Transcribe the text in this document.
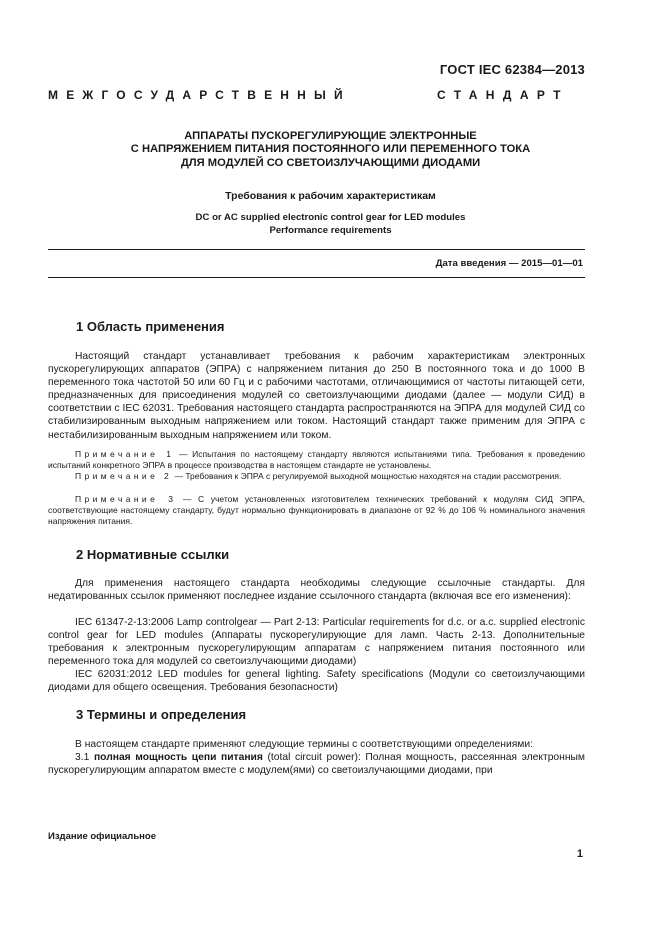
ГОСТ IEC 62384—2013
МЕЖГОСУДАРСТВЕННЫЙ	СТАНДАРТ
АППАРАТЫ ПУСКОРЕГУЛИРУЮЩИЕ ЭЛЕКТРОННЫЕ
С НАПРЯЖЕНИЕМ ПИТАНИЯ ПОСТОЯННОГО ИЛИ ПЕРЕМЕННОГО ТОКА
ДЛЯ МОДУЛЕЙ СО СВЕТОИЗЛУЧАЮЩИМИ ДИОДАМИ
Требования к рабочим характеристикам
DC or AC supplied electronic control gear for LED modules
Performance requirements
Дата введения — 2015—01—01
1 Область применения
Настоящий стандарт устанавливает требования к рабочим характеристикам электронных пускорегулирующих аппаратов (ЭПРА) с напряжением питания до 250 В постоянного тока и до 1000 В переменного тока частотой 50 или 60 Гц и с рабочими частотами, отличающимися от частоты питающей сети, предназначенных для присоединения модулей со светоизлучающими диодами (далее — модули СИД) в соответствии с IEC 62031. Требования настоящего стандарта распространяются на ЭПРА для модулей СИД со стабилизированным выходным напряжением или током. Настоящий стандарт также применим для ЭПРА с нестабилизированным выходным напряжением или током.
Примечание 1 — Испытания по настоящему стандарту являются испытаниями типа. Требования к проведению испытаний конкретного ЭПРА в процессе производства в настоящем стандарте не установлены.
Примечание 2 — Требования к ЭПРА с регулируемой выходной мощностью находятся на стадии рассмотрения.
Примечание 3 — С учетом установленных изготовителем технических требований к модулям СИД ЭПРА, соответствующие настоящему стандарту, будут нормально функционировать в диапазоне от 92 % до 106 % номинального значения напряжения питания.
2 Нормативные ссылки
Для применения настоящего стандарта необходимы следующие ссылочные стандарты. Для недатированных ссылок применяют последнее издание ссылочного стандарта (включая все его изменения):
IEC 61347-2-13:2006 Lamp controlgear — Part 2-13: Particular requirements for d.c. or a.c. supplied electronic control gear for LED modules (Аппараты пускорегулирующие для ламп. Часть 2-13. Дополнительные требования к электронным пускорегулирующим аппаратам с напряжением питания постоянного или переменного тока для модулей со светоизлучающими диодами)
IEC 62031:2012 LED modules for general lighting. Safety specifications (Модули со светоизлучающими диодами для общего освещения. Требования безопасности)
3 Термины и определения
В настоящем стандарте применяют следующие термины с соответствующими определениями:
3.1 полная мощность цепи питания (total circuit power): Полная мощность, рассеянная электронным пускорегулирующим аппаратом вместе с модулем(ями) со светоизлучающими диодами, при
Издание официальное
1
